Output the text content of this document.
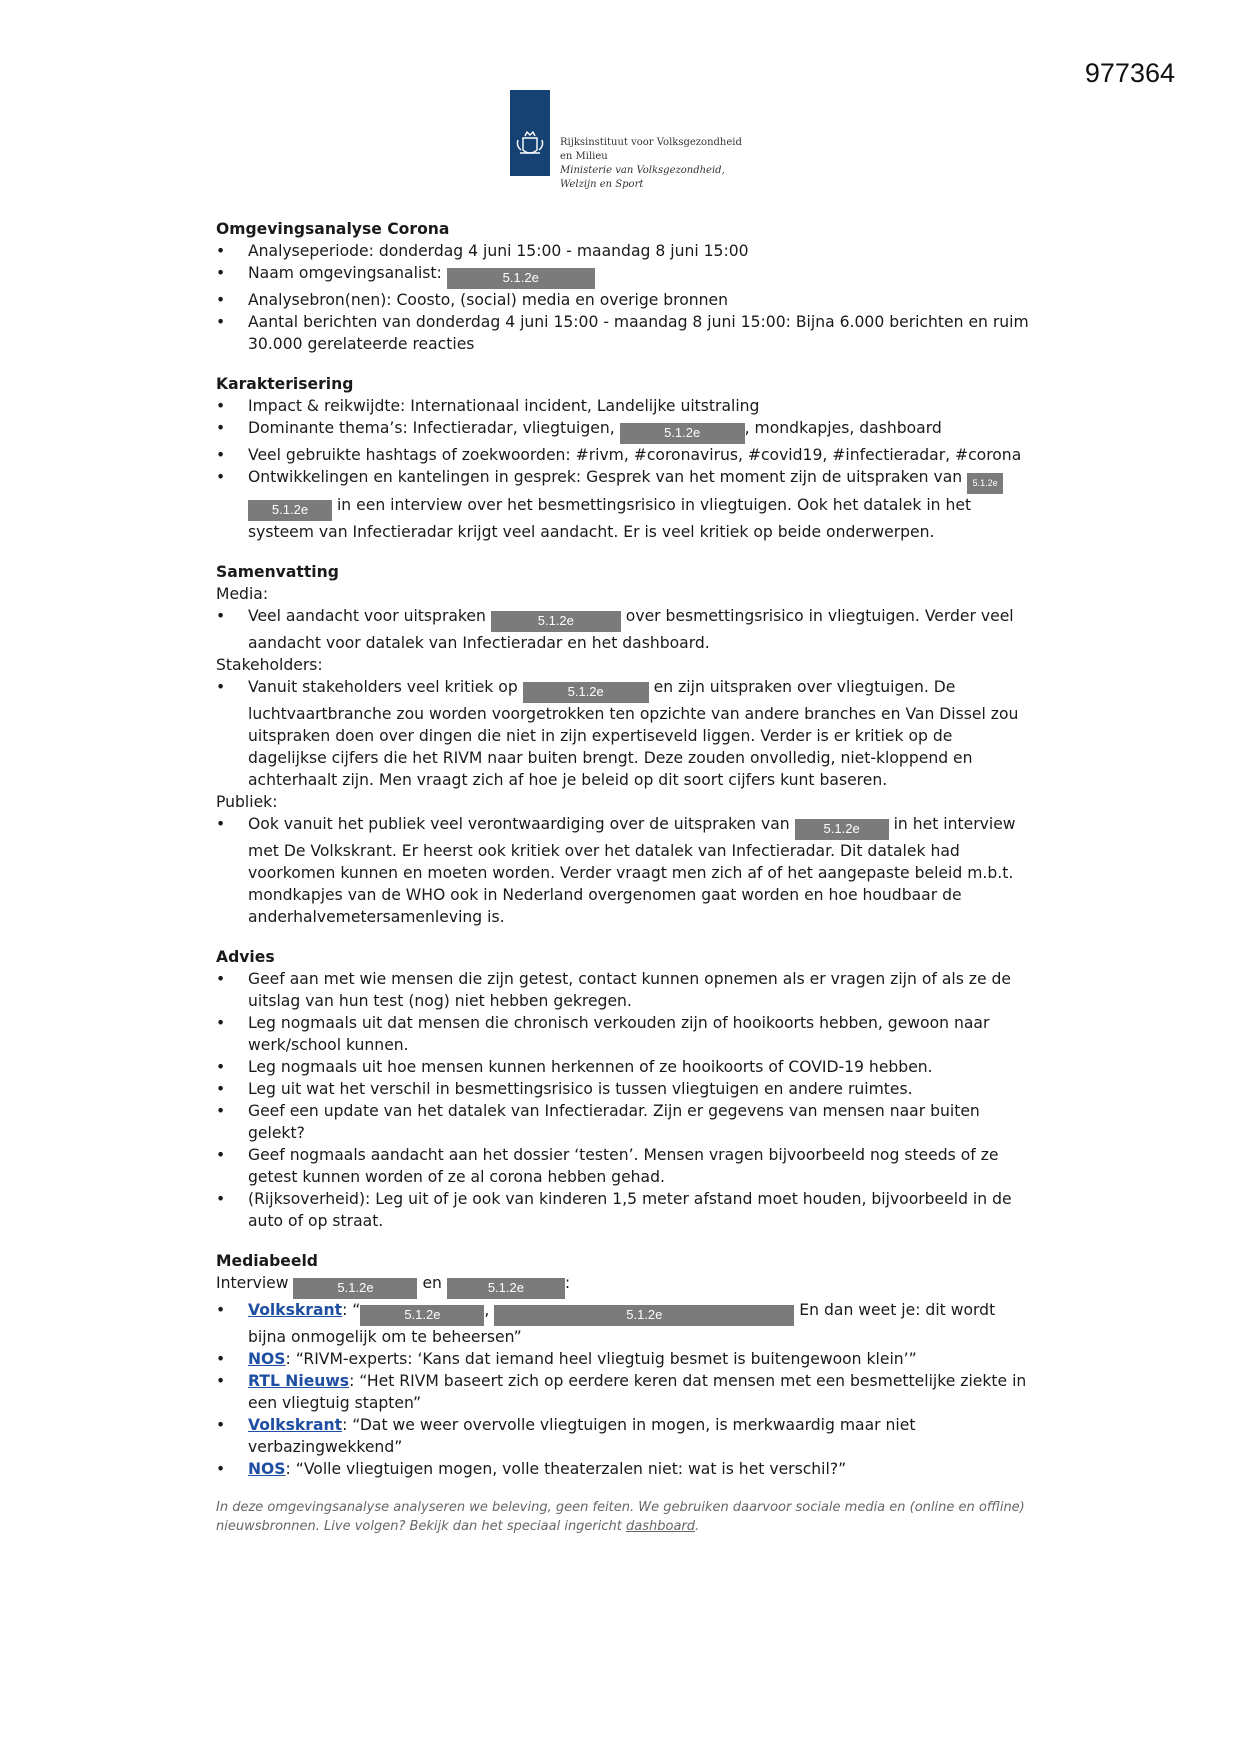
977364
Rijksinstituut voor Volksgezondheid
en Milieu
Ministerie van Volksgezondheid,
Welzijn en Sport
Omgevingsanalyse Corona
• Analyseperiode: donderdag 4 juni 15:00 - maandag 8 juni 15:00
• Naam omgevingsanalist:	5.1.2e
• Analysebron(nen): Coosto, (social) media en overige bronnen
• Aantal berichten van donderdag 4 juni 15:00 - maandag 8 juni 15:00: Bijna 6.000 berichten en ruim 30.000 gerelateerde reacties
Karakterisering
• Impact & reikwijdte: Internationaal incident, Landelijke uitstraling
• Dominante thema’s: Infectieradar, vliegtuigen,	5.1.2e	, mondkapjes, dashboard
• Veel gebruikte hashtags of zoekwoorden: #rivm, #coronavirus, #covid19, #infectieradar, #corona
• Ontwikkelingen en kantelingen in gesprek: Gesprek van het moment zijn de uitspraken van 5.1.2e 5.1.2e in een interview over het besmettingsrisico in vliegtuigen. Ook het datalek in het systeem van Infectieradar krijgt veel aandacht. Er is veel kritiek op beide onderwerpen.
Samenvatting
Media:
• Veel aandacht voor uitspraken	5.1.2e	over besmettingsrisico in vliegtuigen. Verder veel aandacht voor datalek van Infectieradar en het dashboard.
Stakeholders:
• Vanuit stakeholders veel kritiek op	5.1.2e	en zijn uitspraken over vliegtuigen. De luchtvaartbranche zou worden voorgetrokken ten opzichte van andere branches en Van Dissel zou uitspraken doen over dingen die niet in zijn expertiseveld liggen. Verder is er kritiek op de dagelijkse cijfers die het RIVM naar buiten brengt. Deze zouden onvolledig, niet-kloppend en achterhaalt zijn. Men vraagt zich af hoe je beleid op dit soort cijfers kunt baseren.
Publiek:
• Ook vanuit het publiek veel verontwaardiging over de uitspraken van	5.1.2e in het interview met De Volkskrant. Er heerst ook kritiek over het datalek van Infectieradar. Dit datalek had voorkomen kunnen en moeten worden. Verder vraagt men zich af of het aangepaste beleid m.b.t. mondkapjes van de WHO ook in Nederland overgenomen gaat worden en hoe houdbaar de anderhalvemetersamenleving is.
Advies
• Geef aan met wie mensen die zijn getest, contact kunnen opnemen als er vragen zijn of als ze de uitslag van hun test (nog) niet hebben gekregen.
• Leg nogmaals uit dat mensen die chronisch verkouden zijn of hooikoorts hebben, gewoon naar werk/school kunnen.
• Leg nogmaals uit hoe mensen kunnen herkennen of ze hooikoorts of COVID-19 hebben.
• Leg uit wat het verschil in besmettingsrisico is tussen vliegtuigen en andere ruimtes.
• Geef een update van het datalek van Infectieradar. Zijn er gegevens van mensen naar buiten gelekt?
• Geef nogmaals aandacht aan het dossier ‘testen’. Mensen vragen bijvoorbeeld nog steeds of ze getest kunnen worden of ze al corona hebben gehad.
• (Rijksoverheid): Leg uit of je ook van kinderen 1,5 meter afstand moet houden, bijvoorbeeld in de auto of op straat.
Mediabeeld
Interview	5.1.2e	en	5.1.2e	:
• Volkskrant: “	5.1.2e	,	5.1.2e	En dan weet je: dit wordt bijna onmogelijk om te beheersen”
• NOS: “RIVM-experts: ‘Kans dat iemand heel vliegtuig besmet is buitengewoon klein’”
• RTL Nieuws: “Het RIVM baseert zich op eerdere keren dat mensen met een besmettelijke ziekte in een vliegtuig stapten”
• Volkskrant: “Dat we weer overvolle vliegtuigen in mogen, is merkwaardig maar niet verbazingwekkend”
• NOS: “Volle vliegtuigen mogen, volle theaterzalen niet: wat is het verschil?”
In deze omgevingsanalyse analyseren we beleving, geen feiten. We gebruiken daarvoor sociale media en (online en offline) nieuwsbronnen. Live volgen? Bekijk dan het speciaal ingericht dashboard.
